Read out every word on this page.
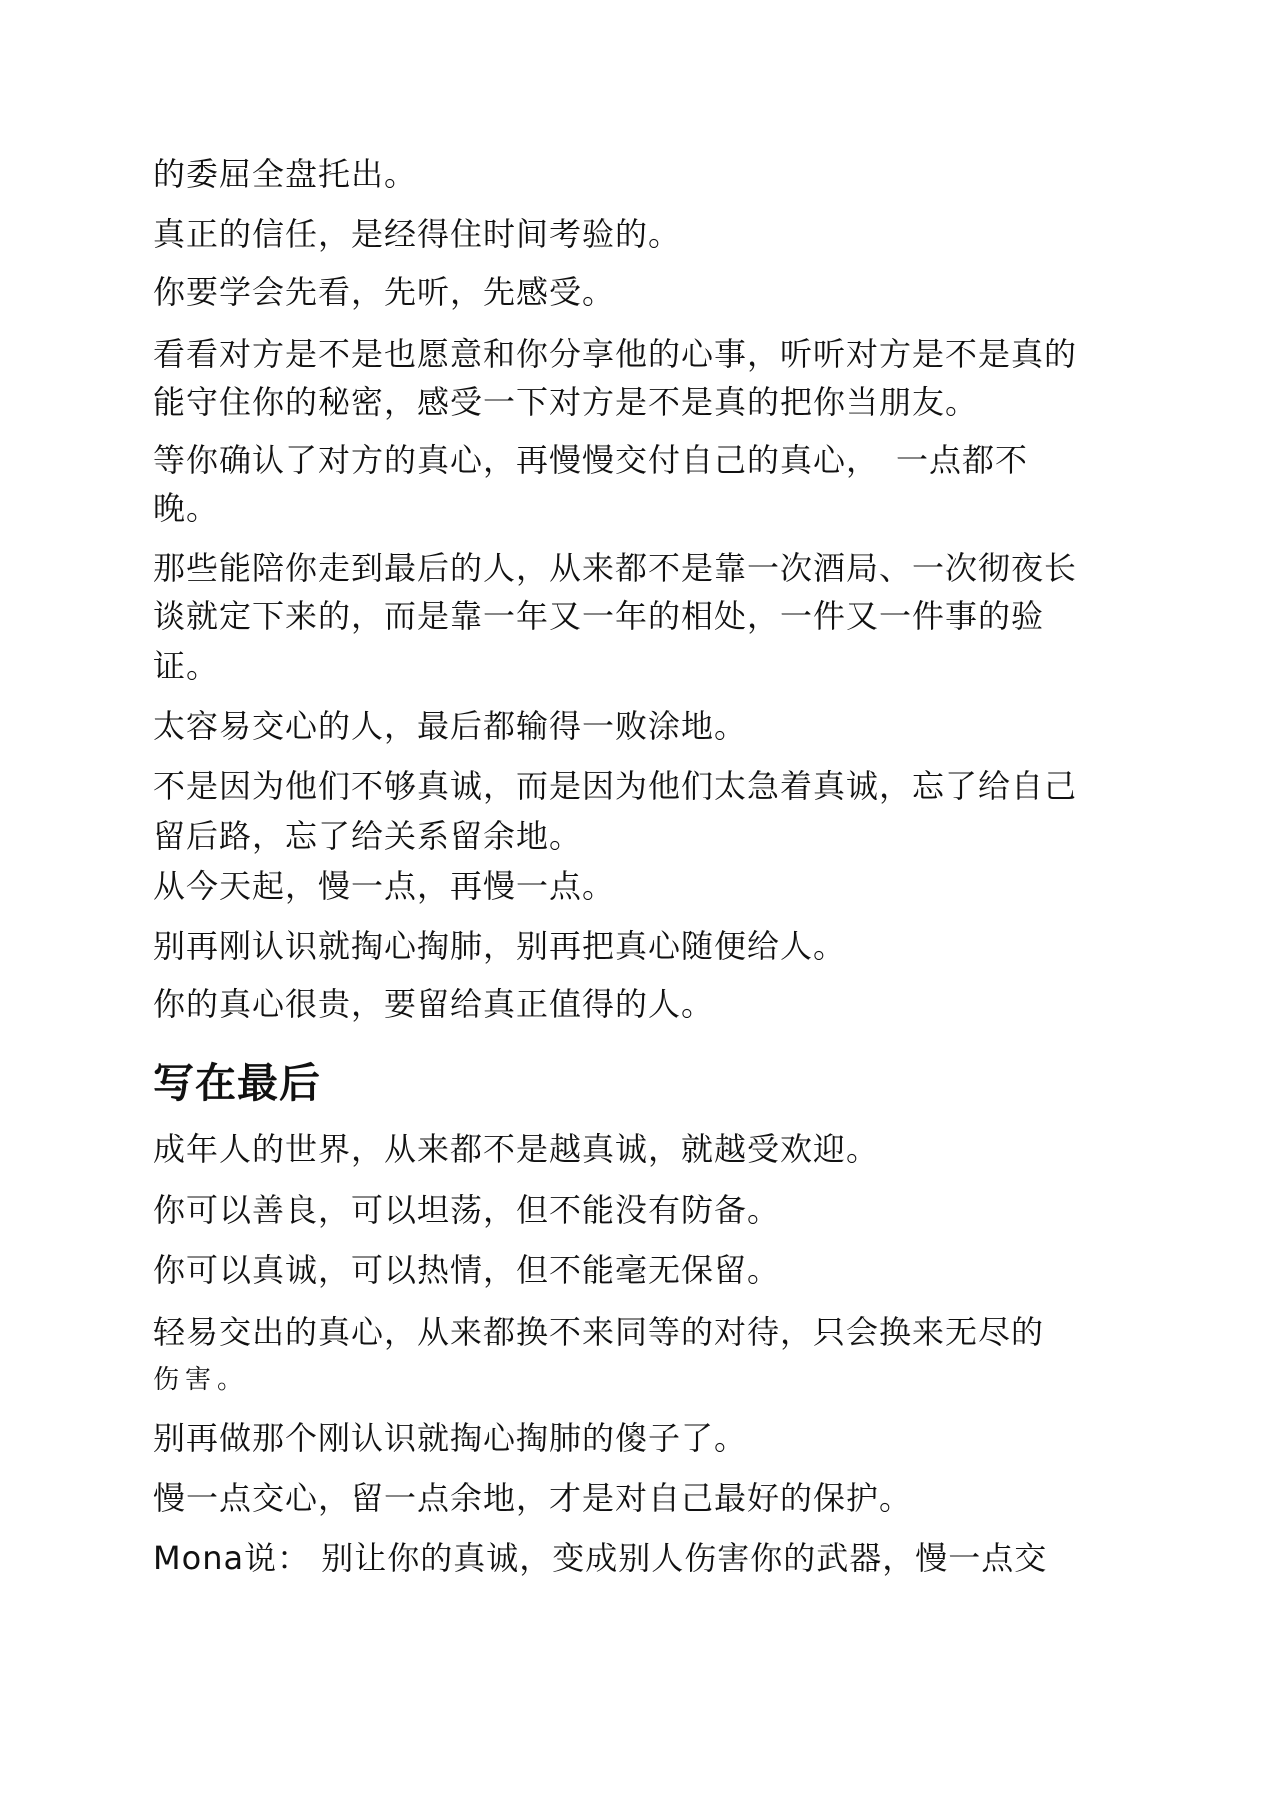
的委屈全盘托出。
真正的信任，是经得住时间考验的。
你要学会先看，先听，先感受。
看看对方是不是也愿意和你分享他的心事，听听对方是不是真的
能守住你的秘密，感受一下对方是不是真的把你当朋友。
等你确认了对方的真心，再慢慢交付自己的真心，　一点都不
晚。
那些能陪你走到最后的人，从来都不是靠一次酒局、一次彻夜长
谈就定下来的，而是靠一年又一年的相处，一件又一件事的验
证。
太容易交心的人，最后都输得一败涂地。
不是因为他们不够真诚，而是因为他们太急着真诚，忘了给自己
留后路，忘了给关系留余地。
从今天起，慢一点，再慢一点。
别再刚认识就掏心掏肺，别再把真心随便给人。
你的真心很贵，要留给真正值得的人。
写在最后
成年人的世界，从来都不是越真诚，就越受欢迎。
你可以善良，可以坦荡，但不能没有防备。
你可以真诚，可以热情，但不能毫无保留。
轻易交出的真心，从来都换不来同等的对待，只会换来无尽的
伤害。
别再做那个刚认识就掏心掏肺的傻子了。
慢一点交心，留一点余地，才是对自己最好的保护。
Mona说： 别让你的真诚，变成别人伤害你的武器，慢一点交
